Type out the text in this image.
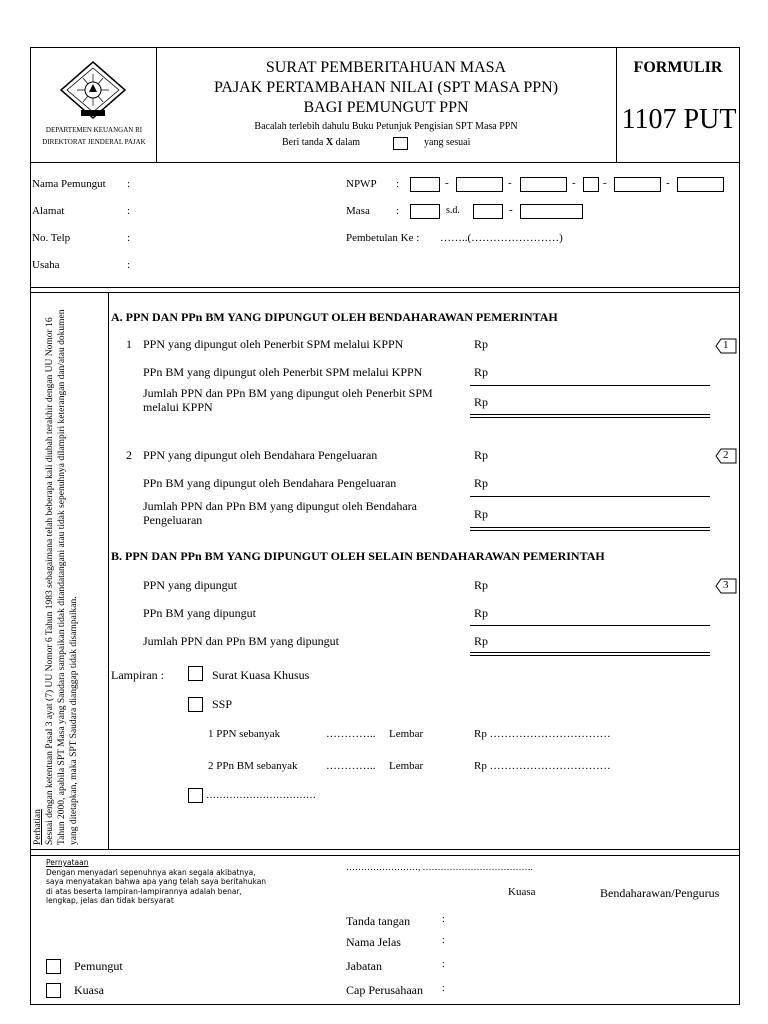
DEPARTEMEN KEUANGAN RI
DIREKTORAT JENDERAL PAJAK
SURAT PEMBERITAHUAN MASA
PAJAK PERTAMBAHAN NILAI (SPT MASA PPN)
BAGI PEMUNGUT PPN
Bacalah terlebih dahulu Buku Petunjuk Pengisian SPT Masa PPN
Beri tanda X dalam	yang sesuai
FORMULIR
1107 PUT
Nama Pemungut :
Alamat	:
No. Telp	:
Usaha	:
NPWP :	-	-	- -	-
Masa :	s.d.	-
Pembetulan Ke : ……..(……………………)
Perhatian Sesuai dengan ketentuan Pasal 3 ayat (7) UU Nomor 6 Tahun 1983 sebagaimana telah beberapa kali diubah terakhir dengan UU Nomor 16 Tahun 2000, apabila SPT Masa yang Saudara sampaikan tidak ditandatangani atau tidak sepenuhnya dilampiri keterangan dan/atau dokumen yang ditetapkan, maka SPT Saudara dianggap tidak disampaikan.
A. PPN DAN PPn BM YANG DIPUNGUT OLEH BENDAHARAWAN PEMERINTAH
1 PPN yang dipungut oleh Penerbit SPM melalui KPPN	Rp	1
PPn BM yang dipungut oleh Penerbit SPM melalui KPPN	Rp
Jumlah PPN dan PPn BM yang dipungut oleh Penerbit SPM
melalui KPPN	Rp
2 PPN yang dipungut oleh Bendahara Pengeluaran	Rp	2
PPn BM yang dipungut oleh Bendahara Pengeluaran	Rp
Jumlah PPN dan PPn BM yang dipungut oleh Bendahara
Pengeluaran	Rp
B. PPN DAN PPn BM YANG DIPUNGUT OLEH SELAIN BENDAHARAWAN PEMERINTAH
PPN yang dipungut	Rp	3
PPn BM yang dipungut	Rp
Jumlah PPN dan PPn BM yang dipungut	Rp
Lampiran :	Surat Kuasa Khusus
SSP
1 PPN sebanyak	………….. Lembar	Rp ……………………………
2 PPn BM sebanyak	………….. Lembar	Rp ……………………………
……………………………
Pernyataan
Dengan menyadari sepenuhnya akan segala akibatnya,
saya menyatakan bahwa apa yang telah saya beritahukan
di atas beserta lampiran-lampirannya adalah benar,
lengkap, jelas dan tidak bersyarat
Pemungut
Kuasa
……………………, ……………………………….
Kuasa	Bendaharawan/Pengurus
Tanda tangan	:
Nama Jelas	:
Jabatan	:
Cap Perusahaan :
